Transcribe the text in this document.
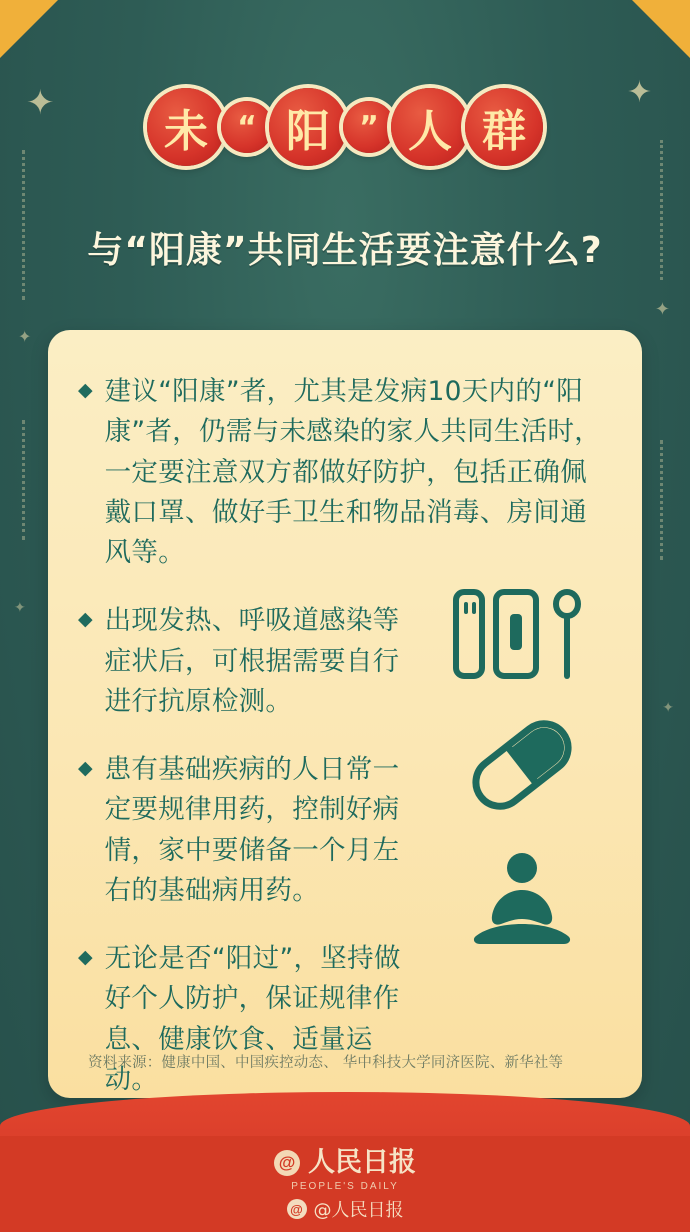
✦	✦
✦
✦
✦
✦
未 “ 阳 ” 人 群
与“阳康”共同生活要注意什么?
◆ 建议“阳康”者，尤其是发病10天内的“阳康”者，仍需与未感染的家人共同生活时，一定要注意双方都做好防护，包括正确佩戴口罩、做好手卫生和物品消毒、房间通风等。
◆ 出现发热、呼吸道感染等症状后，可根据需要自行进行抗原检测。
◆ 患有基础疾病的人日常一定要规律用药，控制好病情，家中要储备一个月左右的基础病用药。
◆ 无论是否“阳过”，坚持做好个人防护，保证规律作息、健康饮食、适量运动。
资料来源：健康中国、中国疾控动态、 华中科技大学同济医院、新华社等
@ 人民日报
PEOPLE'S DAILY
@ @人民日报
